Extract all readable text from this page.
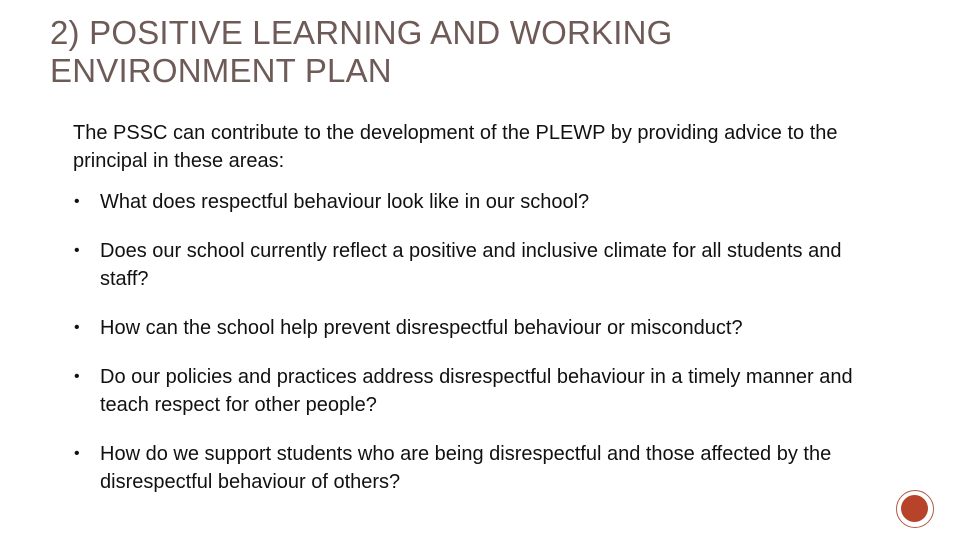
2) POSITIVE LEARNING AND WORKING
ENVIRONMENT PLAN

The PSSC can contribute to the development of the PLEWP by providing advice to the principal in these areas:

• What does respectful behaviour look like in our school?
• Does our school currently reflect a positive and inclusive climate for all students and staff?
• How can the school help prevent disrespectful behaviour or misconduct?
• Do our policies and practices address disrespectful behaviour in a timely manner and teach respect for other people?
• How do we support students who are being disrespectful and those affected by the disrespectful behaviour of others?
